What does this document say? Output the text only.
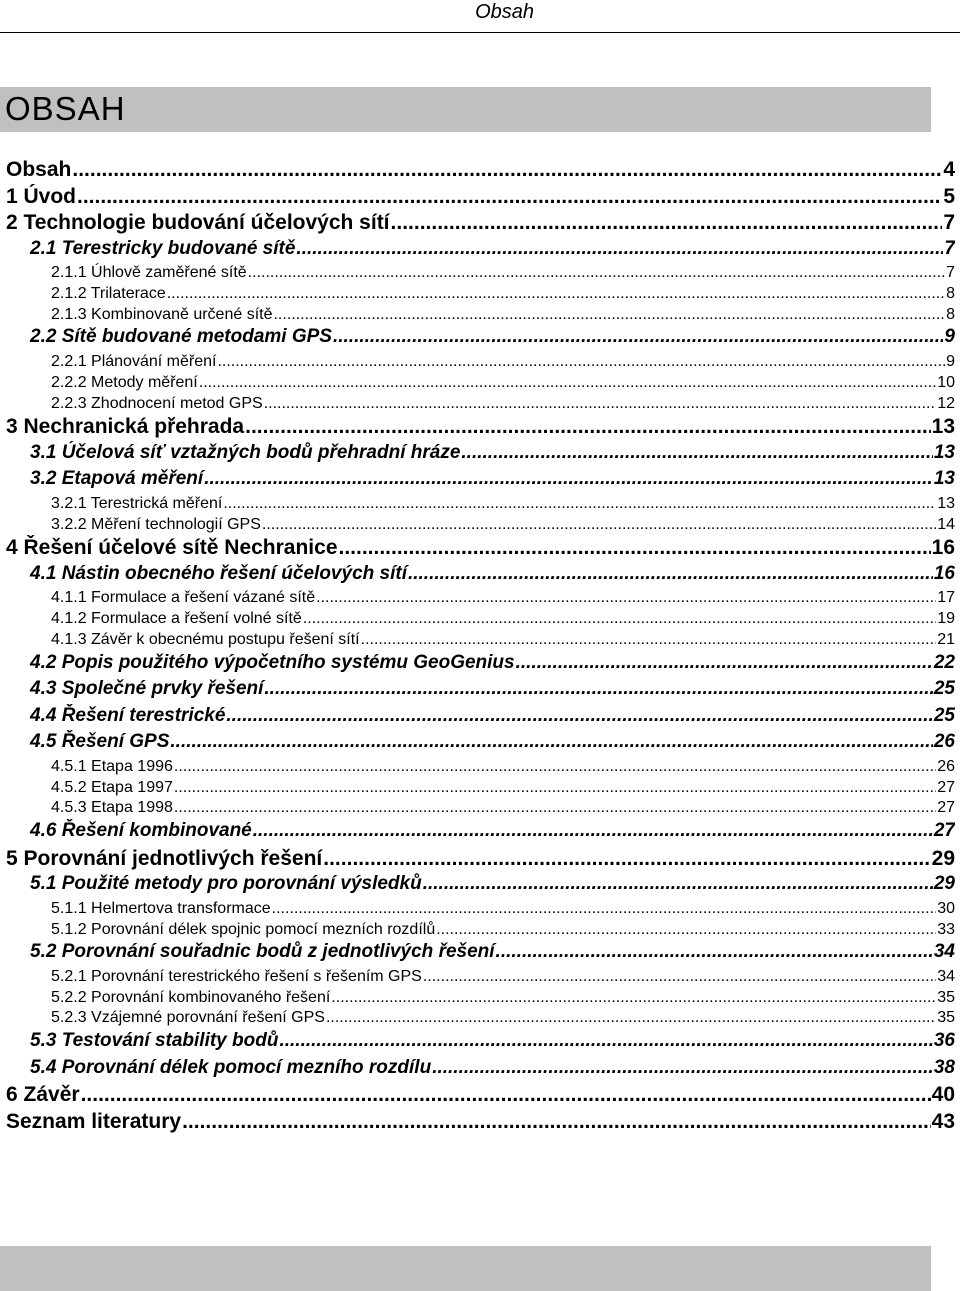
Obsah
OBSAH
Obsah .....	4
1 Úvod .....	5
2 Technologie budování účelových sítí .....	7
2.1 Terestricky budované sítě .....	7
2.1.1 Úhlově zaměřené sítě .....	7
2.1.2 Trilaterace .....	8
2.1.3 Kombinovaně určené sítě .....	8
2.2 Sítě budované metodami GPS .....	9
2.2.1 Plánování měření .....	9
2.2.2 Metody měření .....	10
2.2.3 Zhodnocení metod GPS .....	12
3 Nechranická přehrada .....	13
3.1 Účelová síť vztažných bodů přehradní hráze .....	13
3.2 Etapová měření .....	13
3.2.1 Terestrická měření .....	13
3.2.2 Měření technologií GPS .....	14
4 Řešení účelové sítě Nechranice .....	16
4.1 Nástin obecného řešení účelových sítí .....	16
4.1.1 Formulace a řešení vázané sítě .....	17
4.1.2 Formulace a řešení volné sítě .....	19
4.1.3 Závěr k obecnému postupu řešení sítí .....	21
4.2 Popis použitého výpočetního systému GeoGenius .....	22
4.3 Společné prvky řešení .....	25
4.4 Řešení terestrické .....	25
4.5 Řešení GPS .....	26
4.5.1 Etapa 1996 .....	26
4.5.2 Etapa 1997 .....	27
4.5.3 Etapa 1998 .....	27
4.6 Řešení kombinované .....	27
5 Porovnání jednotlivých řešení .....	29
5.1 Použité metody pro porovnání výsledků .....	29
5.1.1 Helmertova transformace .....	30
5.1.2 Porovnání délek spojnic pomocí mezních rozdílů .....	33
5.2 Porovnání souřadnic bodů z jednotlivých řešení .....	34
5.2.1 Porovnání terestrického řešení s řešením GPS .....	34
5.2.2 Porovnání kombinovaného řešení .....	35
5.2.3 Vzájemné porovnání řešení GPS .....	35
5.3 Testování stability bodů .....	36
5.4 Porovnání délek pomocí mezního rozdílu .....	38
6 Závěr .....	40
Seznam literatury .....	43
